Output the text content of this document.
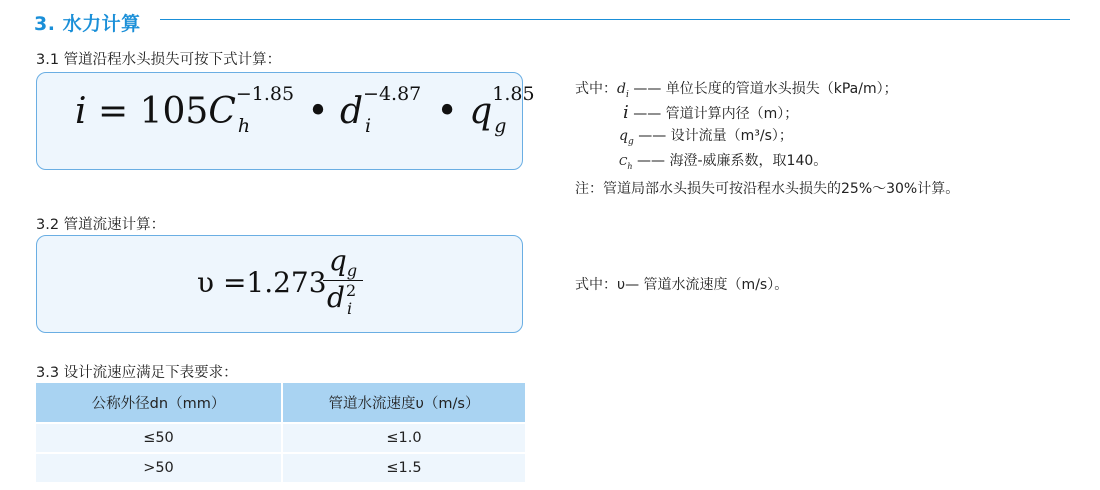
3. 水力计算
3.1 管道沿程水头损失可按下式计算：
i = 105C −1.85
h • d −4.87
i • q 1.85
g
式中：$d_i$ —— 单位长度的管道水头损失（kPa/m）；
i —— 管道计算内径（m）；
$q_g$ —— 设计流量（m³/s）；
$C_h$ —— 海澄-威廉系数，取140。
注：管道局部水头损失可按沿程水头损失的25%～30%计算。
3.2 管道流速计算：
υ =1.273
$q_g$
d 2
i
式中：υ— 管道水流速度（m/s）。
3.3 设计流速应满足下表要求：
公称外径dn（mm）	管道水流速度υ（m/s）
≤50	≤1.0
>50	≤1.5
